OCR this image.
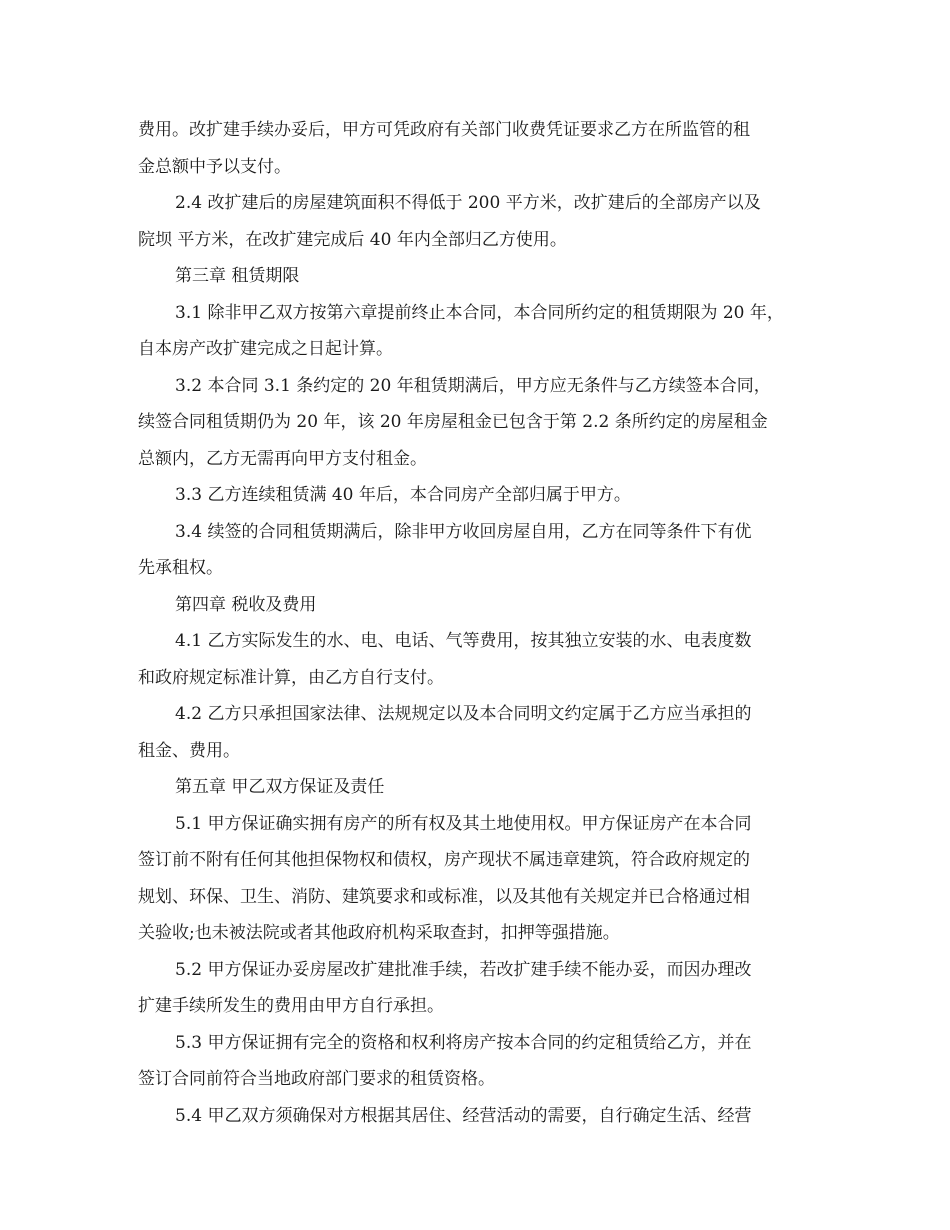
费用。改扩建手续办妥后，甲方可凭政府有关部门收费凭证要求乙方在所监管的租
金总额中予以支付。
2.4 改扩建后的房屋建筑面积不得低于 200 平方米，改扩建后的全部房产以及
院坝 平方米，在改扩建完成后 40 年内全部归乙方使用。
第三章 租赁期限
3.1 除非甲乙双方按第六章提前终止本合同，本合同所约定的租赁期限为 20 年，
自本房产改扩建完成之日起计算。
3.2 本合同 3.1 条约定的 20 年租赁期满后，甲方应无条件与乙方续签本合同，
续签合同租赁期仍为 20 年，该 20 年房屋租金已包含于第 2.2 条所约定的房屋租金
总额内，乙方无需再向甲方支付租金。
3.3 乙方连续租赁满 40 年后，本合同房产全部归属于甲方。
3.4 续签的合同租赁期满后，除非甲方收回房屋自用，乙方在同等条件下有优
先承租权。
第四章 税收及费用
4.1 乙方实际发生的水、电、电话、气等费用，按其独立安装的水、电表度数
和政府规定标准计算，由乙方自行支付。
4.2 乙方只承担国家法律、法规规定以及本合同明文约定属于乙方应当承担的
租金、费用。
第五章 甲乙双方保证及责任
5.1 甲方保证确实拥有房产的所有权及其土地使用权。甲方保证房产在本合同
签订前不附有任何其他担保物权和债权，房产现状不属违章建筑，符合政府规定的
规划、环保、卫生、消防、建筑要求和或标准，以及其他有关规定并已合格通过相
关验收;也未被法院或者其他政府机构采取查封，扣押等强措施。
5.2 甲方保证办妥房屋改扩建批准手续，若改扩建手续不能办妥，而因办理改
扩建手续所发生的费用由甲方自行承担。
5.3 甲方保证拥有完全的资格和权利将房产按本合同的约定租赁给乙方，并在
签订合同前符合当地政府部门要求的租赁资格。
5.4 甲乙双方须确保对方根据其居住、经营活动的需要，自行确定生活、经营
